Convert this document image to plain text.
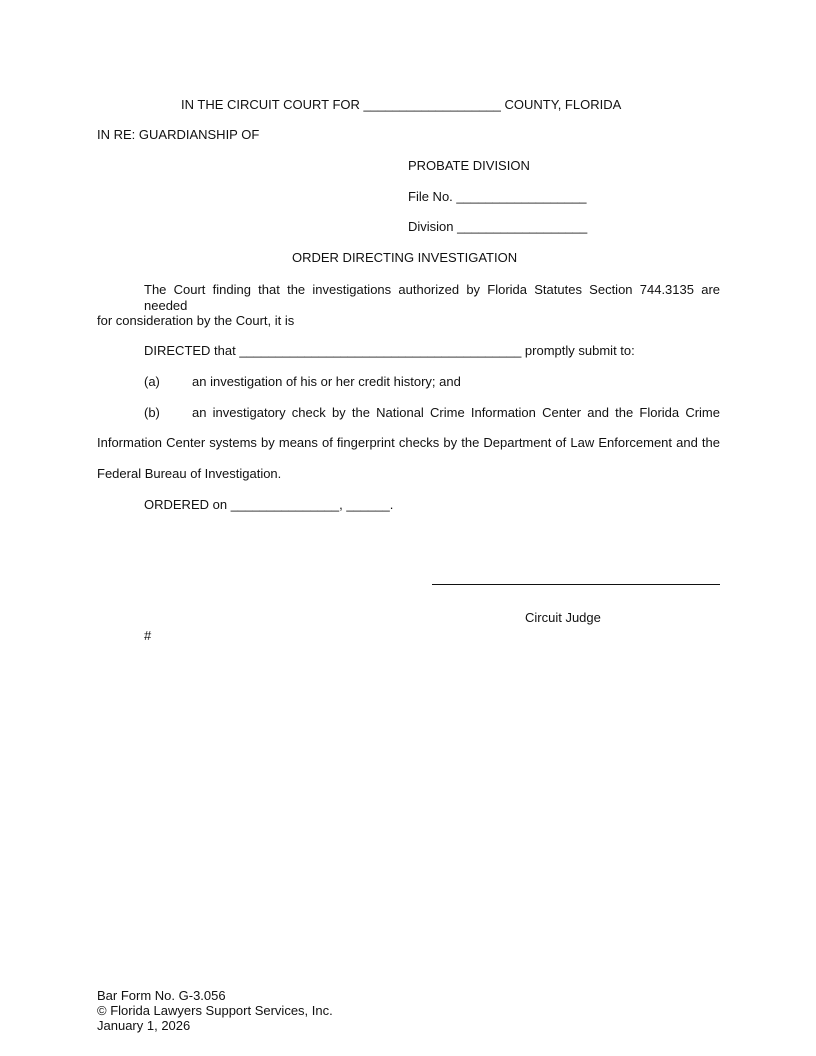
IN THE CIRCUIT COURT FOR ___________________ COUNTY, FLORIDA
IN RE: GUARDIANSHIP OF
PROBATE DIVISION
File No. __________________
Division __________________
ORDER DIRECTING INVESTIGATION
The Court finding that the investigations authorized by Florida Statutes Section 744.3135 are needed
for consideration by the Court, it is
DIRECTED that _______________________________________ promptly submit to:
(a) an investigation of his or her credit history; and
(b) an investigatory check by the National Crime Information Center and the Florida Crime
Information Center systems by means of fingerprint checks by the Department of Law Enforcement and the
Federal Bureau of Investigation.
ORDERED on _______________, ______.
Circuit Judge
#
Bar Form No. G-3.056
© Florida Lawyers Support Services, Inc.
January 1, 2026
